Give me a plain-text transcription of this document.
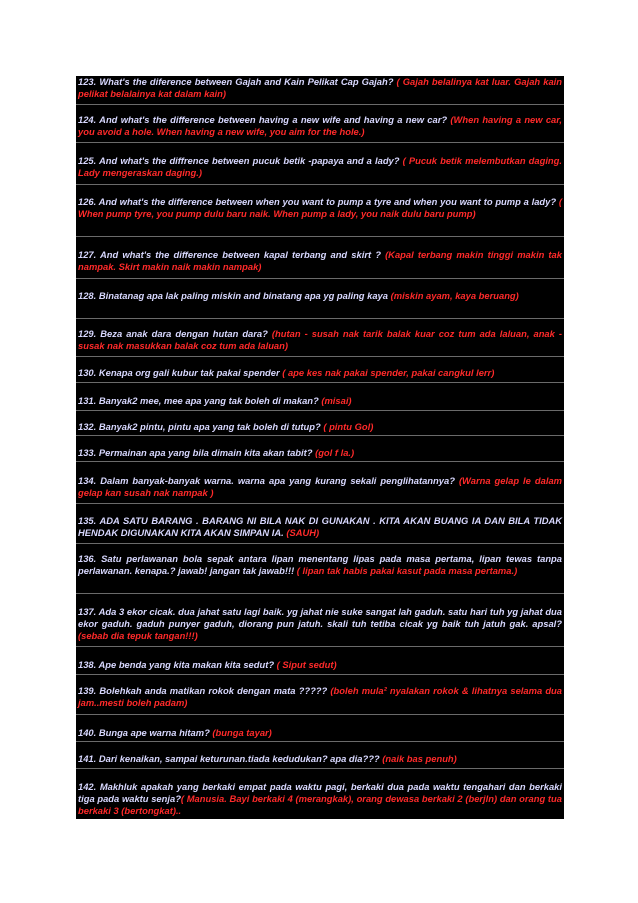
123. What's the diference between Gajah and Kain Pelikat Cap Gajah? ( Gajah belalinya kat luar. Gajah kain pelikat belalainya kat dalam kain)
124. And what's the difference between having a new wife and having a new car? (When having a new car, you avoid a hole. When having a new wife, you aim for the hole.)
125. And what's the diffrence between pucuk betik -papaya and a lady? ( Pucuk betik melembutkan daging. Lady mengeraskan daging.)
126. And what's the difference between when you want to pump a tyre and when you want to pump a lady? ( When pump tyre, you pump dulu baru naik. When pump a lady, you naik dulu baru pump)
127. And what's the difference between kapal terbang and skirt ? (Kapal terbang makin tinggi makin tak nampak. Skirt makin naik makin nampak)
128. Binatanag apa lak paling miskin and binatang apa yg paling kaya (miskin ayam, kaya beruang)
129. Beza anak dara dengan hutan dara? (hutan - susah nak tarik balak kuar coz tum ada laluan, anak - susak nak masukkan balak coz tum ada laluan)
130. Kenapa org gali kubur tak pakai spender ( ape kes nak pakai spender, pakai cangkul lerr)
131. Banyak2 mee, mee apa yang tak boleh di makan? (misai)
132. Banyak2 pintu, pintu apa yang tak boleh di tutup? ( pintu Gol)
133. Permainan apa yang bila dimain kita akan tabit? (gol f la.)
134. Dalam banyak-banyak warna. warna apa yang kurang sekali penglihatannya? (Warna gelap le dalam gelap kan susah nak nampak )
135. ADA SATU BARANG . BARANG NI BILA NAK DI GUNAKAN . KITA AKAN BUANG IA DAN BILA TIDAK HENDAK DIGUNAKAN KITA AKAN SIMPAN IA. (SAUH)
136. Satu perlawanan bola sepak antara lipan menentang lipas pada masa pertama, lipan tewas tanpa perlawanan. kenapa.? jawab! jangan tak jawab!!! ( lipan tak habis pakai kasut pada masa pertama.)
137. Ada 3 ekor cicak. dua jahat satu lagi baik. yg jahat nie suke sangat lah gaduh. satu hari tuh yg jahat dua ekor gaduh. gaduh punyer gaduh, diorang pun jatuh. skali tuh tetiba cicak yg baik tuh jatuh gak. apsal? (sebab dia tepuk tangan!!!)
138. Ape benda yang kita makan kita sedut? ( Siput sedut)
139. Bolehkah anda matikan rokok dengan mata ????? (boleh mula² nyalakan rokok & lihatnya selama dua jam..mesti boleh padam)
140. Bunga ape warna hitam? (bunga tayar)
141. Dari kenaikan, sampai keturunan.tiada kedudukan? apa dia??? (naik bas penuh)
142. Makhluk apakah yang berkaki empat pada waktu pagi, berkaki dua pada waktu tengahari dan berkaki tiga pada waktu senja?( Manusia. Bayi berkaki 4 (merangkak), orang dewasa berkaki 2 (berjln) dan orang tua berkaki 3 (bertongkat)..
